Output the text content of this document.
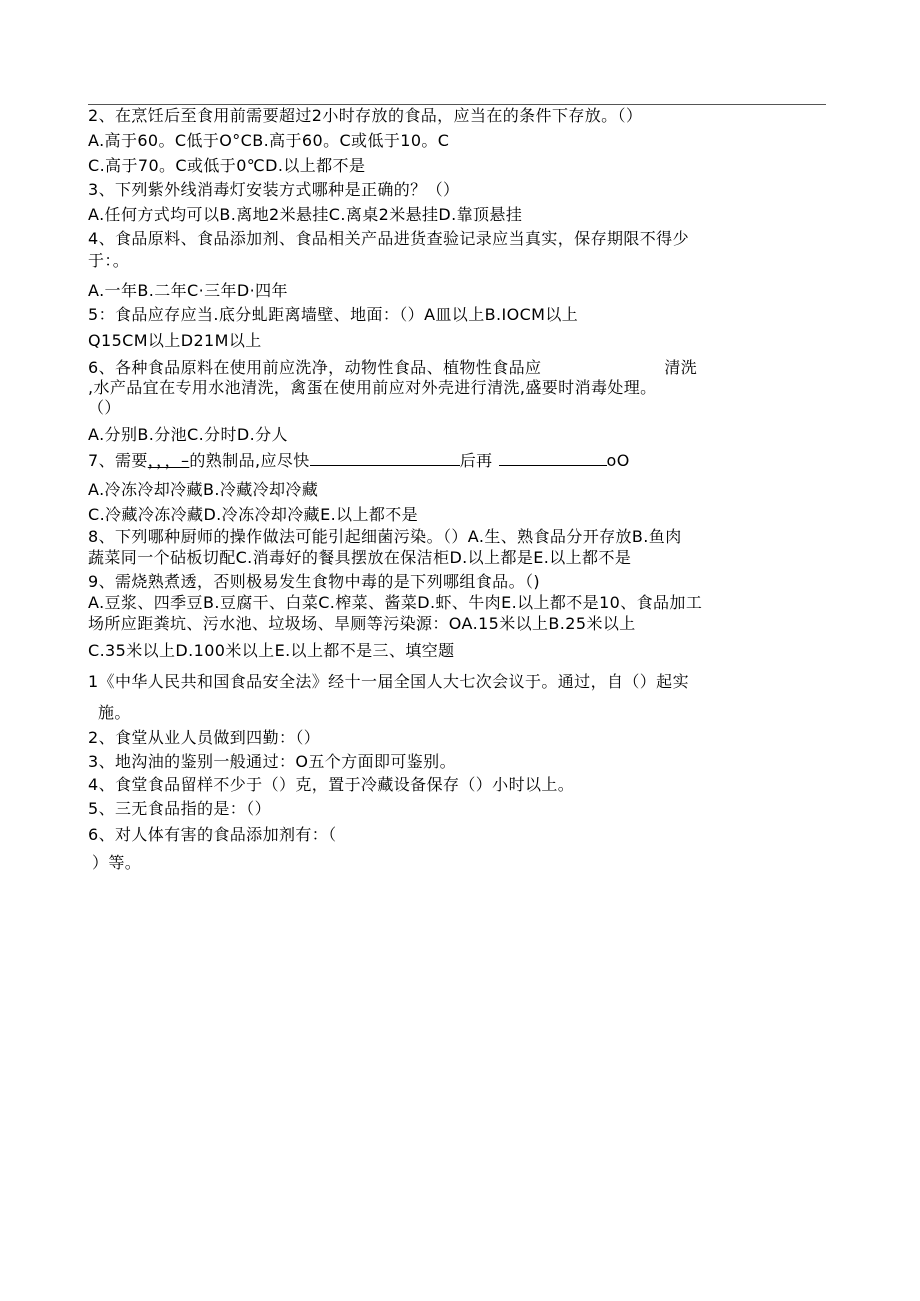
2、在烹饪后至食用前需要超过2小时存放的食品，应当在的条件下存放。（）
A.高于60。C低于O°CB.高于60。C或低于10。C
C.高于70。C或低于0℃D.以上都不是
3、下列紫外线消毒灯安装方式哪种是正确的？（）
A.任何方式均可以B.离地2米悬挂C.离桌2米悬挂D.靠顶悬挂
4、食品原料、食品添加剂、食品相关产品进货查验记录应当真实，保存期限不得少
于：。
A.一年B.二年C·三年D·四年
5：食品应存应当.底分虬距离墙壁、地面：（）A皿以上B.IOCM以上
Q15CM以上D21M以上
6、各种食品原料在使用前应洗净，动物性食品、植物性食品应	清洗
,水产品宜在专用水池清洗，禽蛋在使用前应对外壳进行清洗,盛要时消毒处理。
（）
A.分别B.分池C.分时D.分人
7、需要，，，–的熟制品,应尽快	后再	oO
A.冷冻冷却冷藏B.冷藏冷却冷藏
C.冷藏冷冻冷藏D.冷冻冷却冷藏E.以上都不是
8、下列哪种厨师的操作做法可能引起细菌污染。（）A.生、熟食品分开存放B.鱼肉
蔬菜同一个砧板切配C.消毒好的餐具摆放在保洁柜D.以上都是E.以上都不是
9、需烧熟煮透，否则极易发生食物中毒的是下列哪组食品。（)
A.豆浆、四季豆B.豆腐干、白菜C.榨菜、酱菜D.虾、牛肉E.以上都不是10、食品加工
场所应距粪坑、污水池、垃圾场、旱厕等污染源：OA.15米以上B.25米以上
C.35米以上D.100米以上E.以上都不是三、填空题
1《中华人民共和国食品安全法》经十一届全国人大七次会议于。通过，自（）起实
施。
2、食堂从业人员做到四勤：（）
3、地沟油的鉴别一般通过：O五个方面即可鉴别。
4、食堂食品留样不少于（）克，置于冷藏设备保存（）小时以上。
5、三无食品指的是：（）
6、对人体有害的食品添加剂有：（
）等。
